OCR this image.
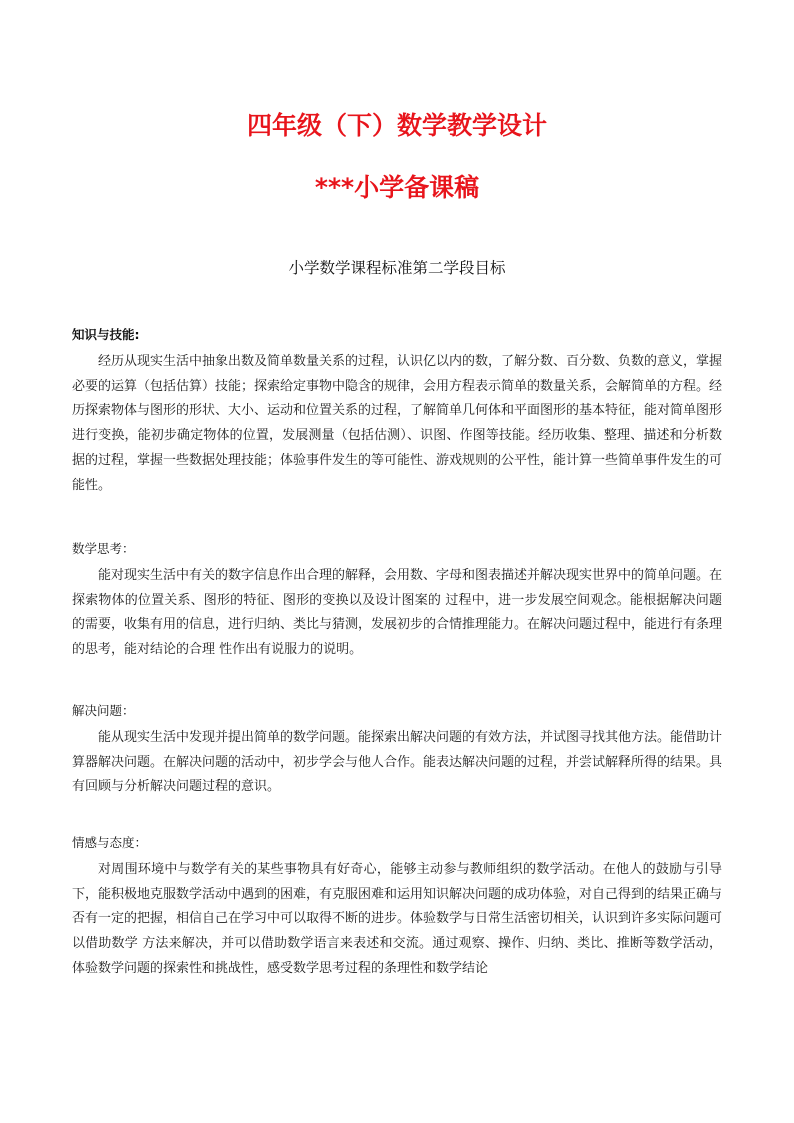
四年级（下）数学教学设计
***小学备课稿
小学数学课程标准第二学段目标

知识与技能:

经历从现实生活中抽象出数及简单数量关系的过程，认识亿以内的数，了解分数、百分数、负数的意义，掌握必要的运算（包括估算）技能；探索给定事物中隐含的规律，会用方程表示简单的数量关系，会解简单的方程。经历探索物体与图形的形状、大小、运动和位置关系的过程，了解简单几何体和平面图形的基本特征，能对简单图形进行变换，能初步确定物体的位置，发展测量（包括估测）、识图、作图等技能。经历收集、整理、描述和分析数据的过程，掌握一些数据处理技能；体验事件发生的等可能性、游戏规则的公平性，能计算一些简单事件发生的可能性。

数学思考：

能对现实生活中有关的数字信息作出合理的解释，会用数、字母和图表描述并解决现实世界中的简单问题。在探索物体的位置关系、图形的特征、图形的变换以及设计图案的 过程中，进一步发展空间观念。能根据解决问题的需要，收集有用的信息，进行归纳、类比与猜测，发展初步的合情推理能力。在解决问题过程中，能进行有条理的思考，能对结论的合理 性作出有说服力的说明。

解决问题：

能从现实生活中发现并提出简单的数学问题。能探索出解决问题的有效方法，并试图寻找其他方法。能借助计算器解决问题。在解决问题的活动中，初步学会与他人合作。能表达解决问题的过程，并尝试解释所得的结果。具有回顾与分析解决问题过程的意识。

情感与态度：

对周围环境中与数学有关的某些事物具有好奇心，能够主动参与教师组织的数学活动。在他人的鼓励与引导下，能积极地克服数学活动中遇到的困难，有克服困难和运用知识解决问题的成功体验，对自己得到的结果正确与否有一定的把握，相信自己在学习中可以取得不断的进步。体验数学与日常生活密切相关，认识到许多实际问题可以借助数学 方法来解决，并可以借助数学语言来表述和交流。通过观察、操作、归纳、类比、推断等数学活动，体验数学问题的探索性和挑战性，感受数学思考过程的条理性和数学结论
